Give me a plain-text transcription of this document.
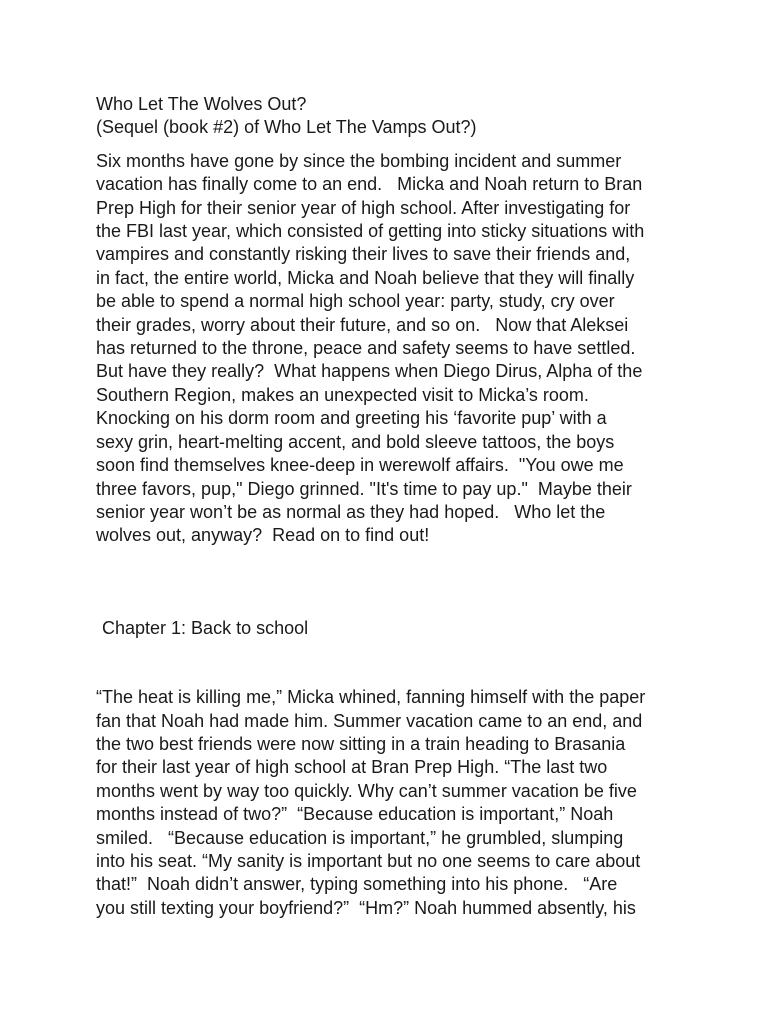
Who Let The Wolves Out?
(Sequel (book #2) of Who Let The Vamps Out?)
Six months have gone by since the bombing incident and summer
vacation has finally come to an end.   Micka and Noah return to Bran
Prep High for their senior year of high school. After investigating for
the FBI last year, which consisted of getting into sticky situations with
vampires and constantly risking their lives to save their friends and,
in fact, the entire world, Micka and Noah believe that they will finally
be able to spend a normal high school year: party, study, cry over
their grades, worry about their future, and so on.   Now that Aleksei
has returned to the throne, peace and safety seems to have settled.
But have they really?  What happens when Diego Dirus, Alpha of the
Southern Region, makes an unexpected visit to Micka’s room.
Knocking on his dorm room and greeting his ‘favorite pup’ with a
sexy grin, heart-melting accent, and bold sleeve tattoos, the boys
soon find themselves knee-deep in werewolf affairs.  "You owe me
three favors, pup," Diego grinned. "It's time to pay up."  Maybe their
senior year won’t be as normal as they had hoped.   Who let the
wolves out, anyway?  Read on to find out!
Chapter 1: Back to school
“The heat is killing me,” Micka whined, fanning himself with the paper
fan that Noah had made him. Summer vacation came to an end, and
the two best friends were now sitting in a train heading to Brasania
for their last year of high school at Bran Prep High. “The last two
months went by way too quickly. Why can’t summer vacation be five
months instead of two?”  “Because education is important,” Noah
smiled.   “Because education is important,” he grumbled, slumping
into his seat. “My sanity is important but no one seems to care about
that!”  Noah didn’t answer, typing something into his phone.   “Are
you still texting your boyfriend?”  “Hm?” Noah hummed absently, his
